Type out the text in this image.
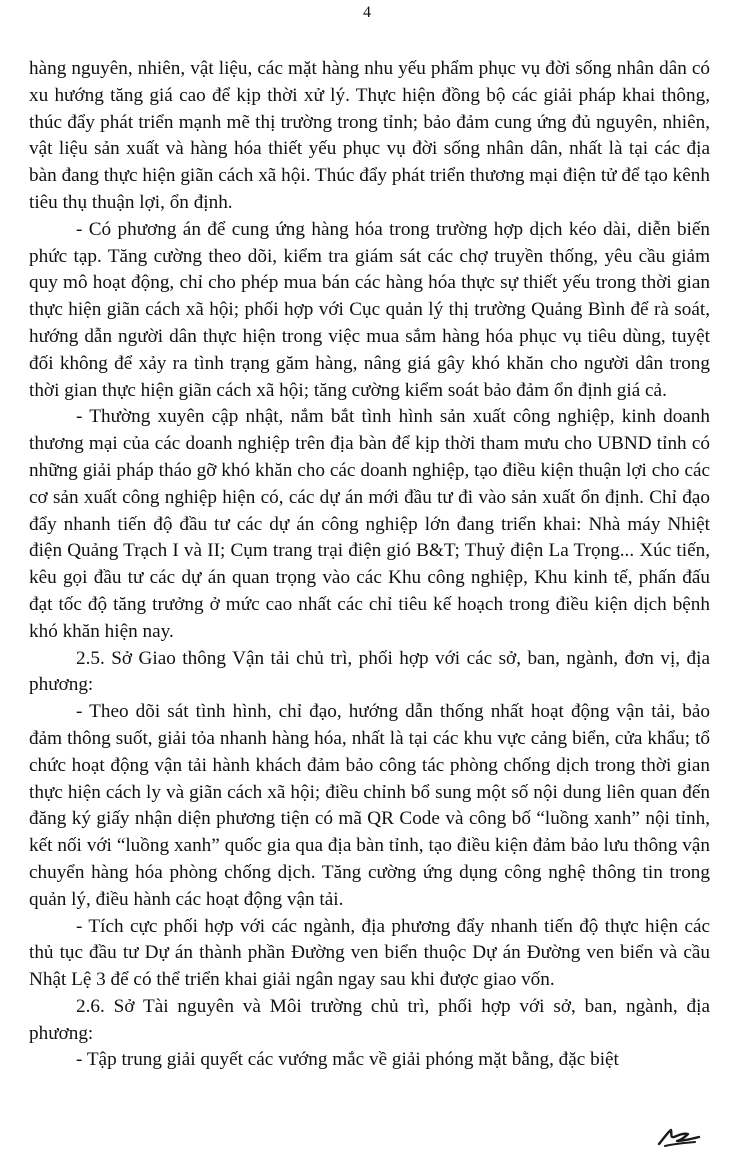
4

hàng nguyên, nhiên, vật liệu, các mặt hàng nhu yếu phẩm phục vụ đời sống nhân dân có xu hướng tăng giá cao để kịp thời xử lý. Thực hiện đồng bộ các giải pháp khai thông, thúc đẩy phát triển mạnh mẽ thị trường trong tỉnh; bảo đảm cung ứng đủ nguyên, nhiên, vật liệu sản xuất và hàng hóa thiết yếu phục vụ đời sống nhân dân, nhất là tại các địa bàn đang thực hiện giãn cách xã hội. Thúc đẩy phát triển thương mại điện tử để tạo kênh tiêu thụ thuận lợi, ổn định.

- Có phương án để cung ứng hàng hóa trong trường hợp dịch kéo dài, diễn biến phức tạp. Tăng cường theo dõi, kiểm tra giám sát các chợ truyền thống, yêu cầu giảm quy mô hoạt động, chỉ cho phép mua bán các hàng hóa thực sự thiết yếu trong thời gian thực hiện giãn cách xã hội; phối hợp với Cục quản lý thị trường Quảng Bình để rà soát, hướng dẫn người dân thực hiện trong việc mua sắm hàng hóa phục vụ tiêu dùng, tuyệt đối không để xảy ra tình trạng găm hàng, nâng giá gây khó khăn cho người dân trong thời gian thực hiện giãn cách xã hội; tăng cường kiểm soát bảo đảm ổn định giá cả.

- Thường xuyên cập nhật, nắm bắt tình hình sản xuất công nghiệp, kinh doanh thương mại của các doanh nghiệp trên địa bàn để kịp thời tham mưu cho UBND tỉnh có những giải pháp tháo gỡ khó khăn cho các doanh nghiệp, tạo điều kiện thuận lợi cho các cơ sản xuất công nghiệp hiện có, các dự án mới đầu tư đi vào sản xuất ổn định. Chỉ đạo đẩy nhanh tiến độ đầu tư các dự án công nghiệp lớn đang triển khai: Nhà máy Nhiệt điện Quảng Trạch I và II; Cụm trang trại điện gió B&T; Thuỷ điện La Trọng... Xúc tiến, kêu gọi đầu tư các dự án quan trọng vào các Khu công nghiệp, Khu kinh tế, phấn đấu đạt tốc độ tăng trưởng ở mức cao nhất các chỉ tiêu kế hoạch trong điều kiện dịch bệnh khó khăn hiện nay.

2.5. Sở Giao thông Vận tải chủ trì, phối hợp với các sở, ban, ngành, đơn vị, địa phương:

- Theo dõi sát tình hình, chỉ đạo, hướng dẫn thống nhất hoạt động vận tải, bảo đảm thông suốt, giải tỏa nhanh hàng hóa, nhất là tại các khu vực cảng biển, cửa khẩu; tổ chức hoạt động vận tải hành khách đảm bảo công tác phòng chống dịch trong thời gian thực hiện cách ly và giãn cách xã hội; điều chỉnh bổ sung một số nội dung liên quan đến đăng ký giấy nhận diện phương tiện có mã QR Code và công bố “luồng xanh” nội tỉnh, kết nối với “luồng xanh” quốc gia qua địa bàn tỉnh, tạo điều kiện đảm bảo lưu thông vận chuyển hàng hóa phòng chống dịch. Tăng cường ứng dụng công nghệ thông tin trong quản lý, điều hành các hoạt động vận tải.

- Tích cực phối hợp với các ngành, địa phương đẩy nhanh tiến độ thực hiện các thủ tục đầu tư Dự án thành phần Đường ven biển thuộc Dự án Đường ven biển và cầu Nhật Lệ 3 để có thể triển khai giải ngân ngay sau khi được giao vốn.

2.6. Sở Tài nguyên và Môi trường chủ trì, phối hợp với sở, ban, ngành, địa phương:

- Tập trung giải quyết các vướng mắc về giải phóng mặt bằng, đặc biệt
